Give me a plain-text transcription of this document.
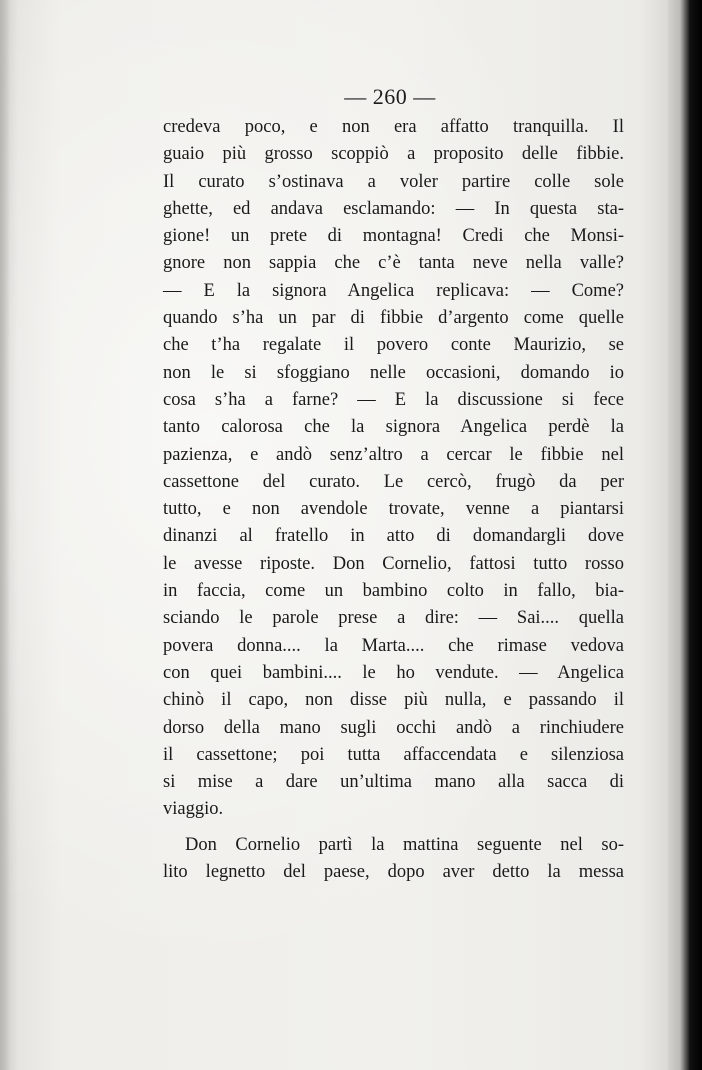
— 260 —
credeva poco, e non era affatto tranquilla. Il
guaio più grosso scoppiò a proposito delle fibbie.
Il curato s’ostinava a voler partire colle sole
ghette, ed andava esclamando: — In questa sta-
gione! un prete di montagna! Credi che Monsi-
gnore non sappia che c’è tanta neve nella valle?
— E la signora Angelica replicava: — Come?
quando s’ha un par di fibbie d’argento come quelle
che t’ha regalate il povero conte Maurizio, se
non le si sfoggiano nelle occasioni, domando io
cosa s’ha a farne? — E la discussione si fece
tanto calorosa che la signora Angelica perdè la
pazienza, e andò senz’altro a cercar le fibbie nel
cassettone del curato. Le cercò, frugò da per
tutto, e non avendole trovate, venne a piantarsi
dinanzi al fratello in atto di domandargli dove
le avesse riposte. Don Cornelio, fattosi tutto rosso
in faccia, come un bambino colto in fallo, bia-
sciando le parole prese a dire: — Sai.... quella
povera donna.... la Marta.... che rimase vedova
con quei bambini.... le ho vendute. — Angelica
chinò il capo, non disse più nulla, e passando il
dorso della mano sugli occhi andò a rinchiudere
il cassettone; poi tutta affaccendata e silenziosa
si mise a dare un’ultima mano alla sacca di
viaggio.
Don Cornelio partì la mattina seguente nel so-
lito legnetto del paese, dopo aver detto la messa
